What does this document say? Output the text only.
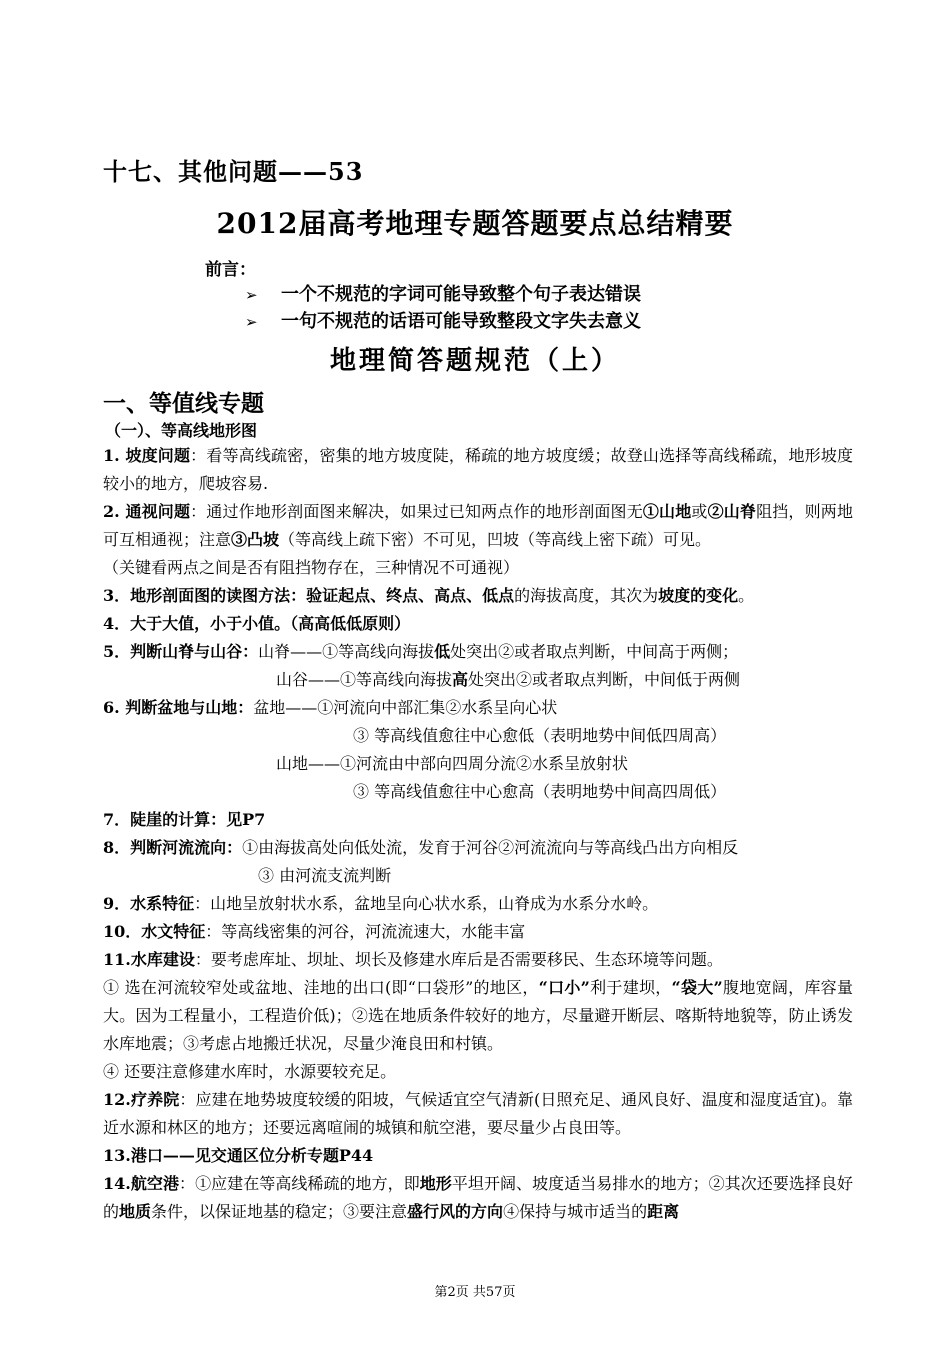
十七、其他问题——53
2012届高考地理专题答题要点总结精要
前言：
➢ 一个不规范的字词可能导致整个句子表达错误
➢ 一句不规范的话语可能导致整段文字失去意义
地理简答题规范（上）
一、等值线专题
（一）、等高线地形图

1. 坡度问题：看等高线疏密，密集的地方坡度陡，稀疏的地方坡度缓；故登山选择等高线稀疏，地形坡度较小的地方，爬坡容易.

2. 通视问题：通过作地形剖面图来解决，如果过已知两点作的地形剖面图无①山地或②山脊阻挡，则两地可互相通视；注意③凸坡（等高线上疏下密）不可见，凹坡（等高线上密下疏）可见。

（关键看两点之间是否有阻挡物存在，三种情况不可通视）

3．地形剖面图的读图方法：验证起点、终点、高点、低点的海拔高度，其次为坡度的变化。

4．大于大值，小于小值。（高高低低原则）

5．判断山脊与山谷：山脊——①等高线向海拔低处突出②或者取点判断，中间高于两侧；

山谷——①等高线向海拔高处突出②或者取点判断，中间低于两侧

6. 判断盆地与山地：盆地——①河流向中部汇集②水系呈向心状

③ 等高线值愈往中心愈低（表明地势中间低四周高）

山地——①河流由中部向四周分流②水系呈放射状

③ 等高线值愈往中心愈高（表明地势中间高四周低）

7．陡崖的计算：见P7

8．判断河流流向：①由海拔高处向低处流，发育于河谷②河流流向与等高线凸出方向相反

③ 由河流支流判断

9．水系特征：山地呈放射状水系，盆地呈向心状水系，山脊成为水系分水岭。

10．水文特征：等高线密集的河谷，河流流速大，水能丰富

11.水库建设：要考虑库址、坝址、坝长及修建水库后是否需要移民、生态环境等问题。

① 选在河流较窄处或盆地、洼地的出口(即“口袋形”的地区，“口小”利于建坝，“袋大”腹地宽阔，库容量大。因为工程量小，工程造价低)；②选在地质条件较好的地方，尽量避开断层、喀斯特地貌等，防止诱发水库地震；③考虑占地搬迁状况，尽量少淹良田和村镇。

④ 还要注意修建水库时，水源要较充足。

12.疗养院：应建在地势坡度较缓的阳坡，气候适宜空气清新(日照充足、通风良好、温度和湿度适宜)。靠近水源和林区的地方；还要远离喧闹的城镇和航空港，要尽量少占良田等。

13.港口——见交通区位分析专题P44

14.航空港：①应建在等高线稀疏的地方，即地形平坦开阔、坡度适当易排水的地方；②其次还要选择良好的地质条件，以保证地基的稳定；③要注意盛行风的方向④保持与城市适当的距离

第2页 共57页
